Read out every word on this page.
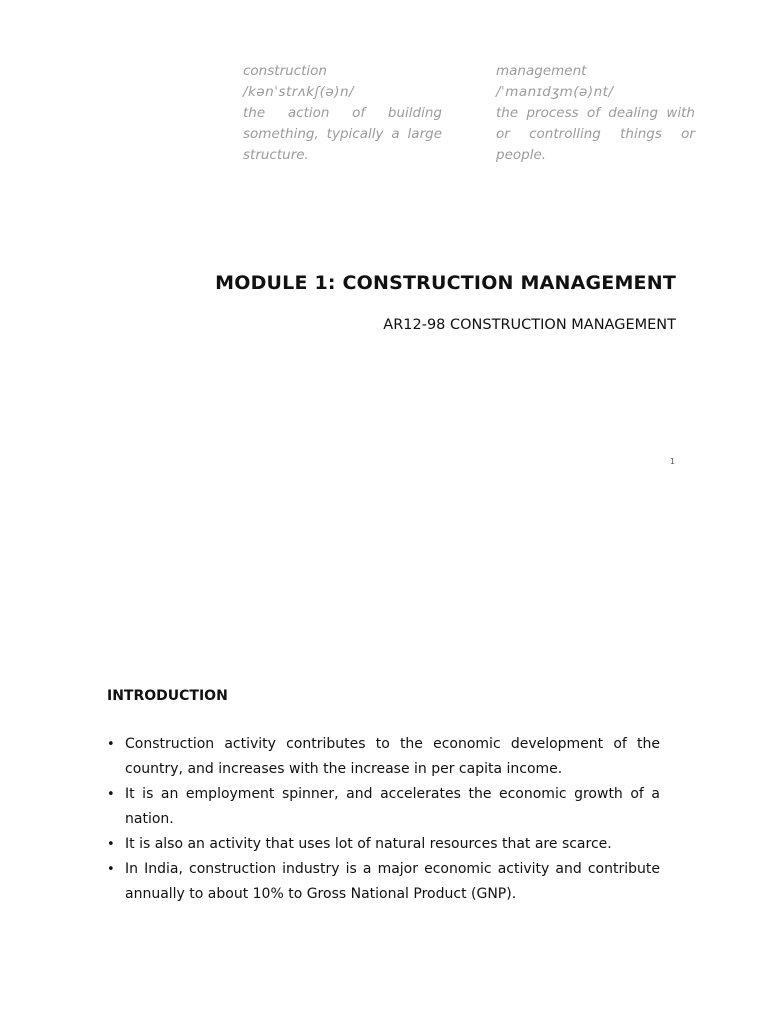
construction
/kənˈstrʌkʃ(ə)n/
the action of building something, typically a large structure.
management
/ˈmanɪdʒm(ə)nt/
the process of dealing with or controlling things or people.
MODULE 1: CONSTRUCTION MANAGEMENT
AR12-98 CONSTRUCTION MANAGEMENT
1
INTRODUCTION
• Construction activity contributes to the economic development of the country, and increases with the increase in per capita income.
• It is an employment spinner, and accelerates the economic growth of a nation.
• It is also an activity that uses lot of natural resources that are scarce.
• In India, construction industry is a major economic activity and contribute annually to about 10% to Gross National Product (GNP).
